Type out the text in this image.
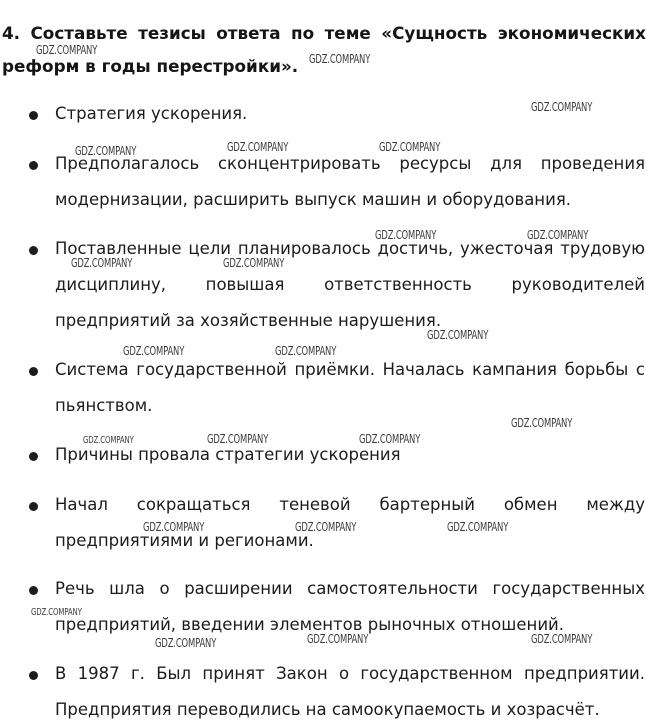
4. Составьте тезисы ответа по теме «Сущность экономических реформ в годы перестройки».

Стратегия ускорения.

Предполагалось сконцентрировать ресурсы для проведения модернизации, расширить выпуск машин и оборудования.

Поставленные цели планировалось достичь, ужесточая трудовую дисциплину, повышая ответственность руководителей предприятий за хозяйственные нарушения.

Система государственной приёмки. Началась кампания борьбы с пьянством.

Причины провала стратегии ускорения

Начал сокращаться теневой бартерный обмен между предприятиями и регионами.

Речь шла о расширении самостоятельности государственных предприятий, введении элементов рыночных отношений.

В 1987 г. Был принят Закон о государственном предприятии. Предприятия переводились на самоокупаемость и хозрасчёт.

GDZ.COMPANY
GDZ.COMPANY
GDZ.COMPANY
GDZ.COMPANY	GDZ.COMPANY	GDZ.COMPANY
GDZ.COMPANY	GDZ.COMPANY
GDZ.COMPANY	GDZ.COMPANY
GDZ.COMPANY
GDZ.COMPANY	GDZ.COMPANY
GDZ.COMPANY
GDZ.COMPANY	GDZ.COMPANY	GDZ.COMPANY
GDZ.COMPANY	GDZ.COMPANY	GDZ.COMPANY
GDZ.COMPANY
GDZ.COMPANY	GDZ.COMPANY	GDZ.COMPANY
